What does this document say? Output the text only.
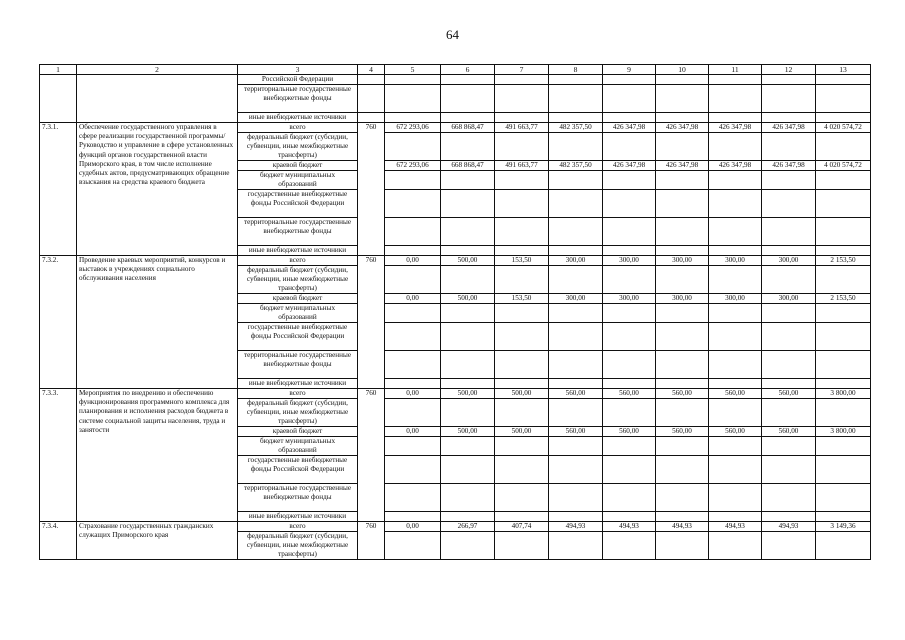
64
1	2	3	4	5	6	7	8	9	10	11	12	13
		Российской Федерации										
		территориальные государственные внебюджетные фонды										
		иные внебюджетные источники										
7.3.1.	Обеспечение государственного управления в сфере реализации государственной программы/ Руководство и управление в сфере установленных функций органов государственной власти Приморского края, в том числе исполнение судебных актов, предусматривающих обращение взыскания на средства краевого бюджета	всего	760	672 293,06	668 868,47	491 663,77	482 357,50	426 347,98	426 347,98	426 347,98	426 347,98	4 020 574,72
		федеральный бюджет (субсидии, субвенции, иные межбюджетные трансферты)										
		краевой бюджет		672 293,06	668 868,47	491 663,77	482 357,50	426 347,98	426 347,98	426 347,98	426 347,98	4 020 574,72
		бюджет муниципальных образований										
		государственные внебюджетные фонды Российской Федерации										
		территориальные государственные внебюджетные фонды										
		иные внебюджетные источники										
7.3.2.	Проведение краевых мероприятий, конкурсов и выставок в учреждениях социального обслуживания населения	всего	760	0,00	500,00	153,50	300,00	300,00	300,00	300,00	300,00	2 153,50
		федеральный бюджет (субсидии, субвенции, иные межбюджетные трансферты)										
		краевой бюджет		0,00	500,00	153,50	300,00	300,00	300,00	300,00	300,00	2 153,50
		бюджет муниципальных образований										
		государственные внебюджетные фонды Российской Федерации										
		территориальные государственные внебюджетные фонды										
		иные внебюджетные источники										
7.3.3.	Мероприятия по внедрению и обеспечению функционирования программного комплекса для планирования и исполнения расходов бюджета в системе социальной защиты населения, труда и занятости	всего	760	0,00	500,00	500,00	560,00	560,00	560,00	560,00	560,00	3 800,00
		федеральный бюджет (субсидии, субвенции, иные межбюджетные трансферты)										
		краевой бюджет		0,00	500,00	500,00	560,00	560,00	560,00	560,00	560,00	3 800,00
		бюджет муниципальных образований										
		государственные внебюджетные фонды Российской Федерации										
		территориальные государственные внебюджетные фонды										
		иные внебюджетные источники										
7.3.4.	Страхование государственных гражданских служащих Приморского края	всего	760	0,00	266,97	407,74	494,93	494,93	494,93	494,93	494,93	3 149,36
		федеральный бюджет (субсидии, субвенции, иные межбюджетные трансферты)										
